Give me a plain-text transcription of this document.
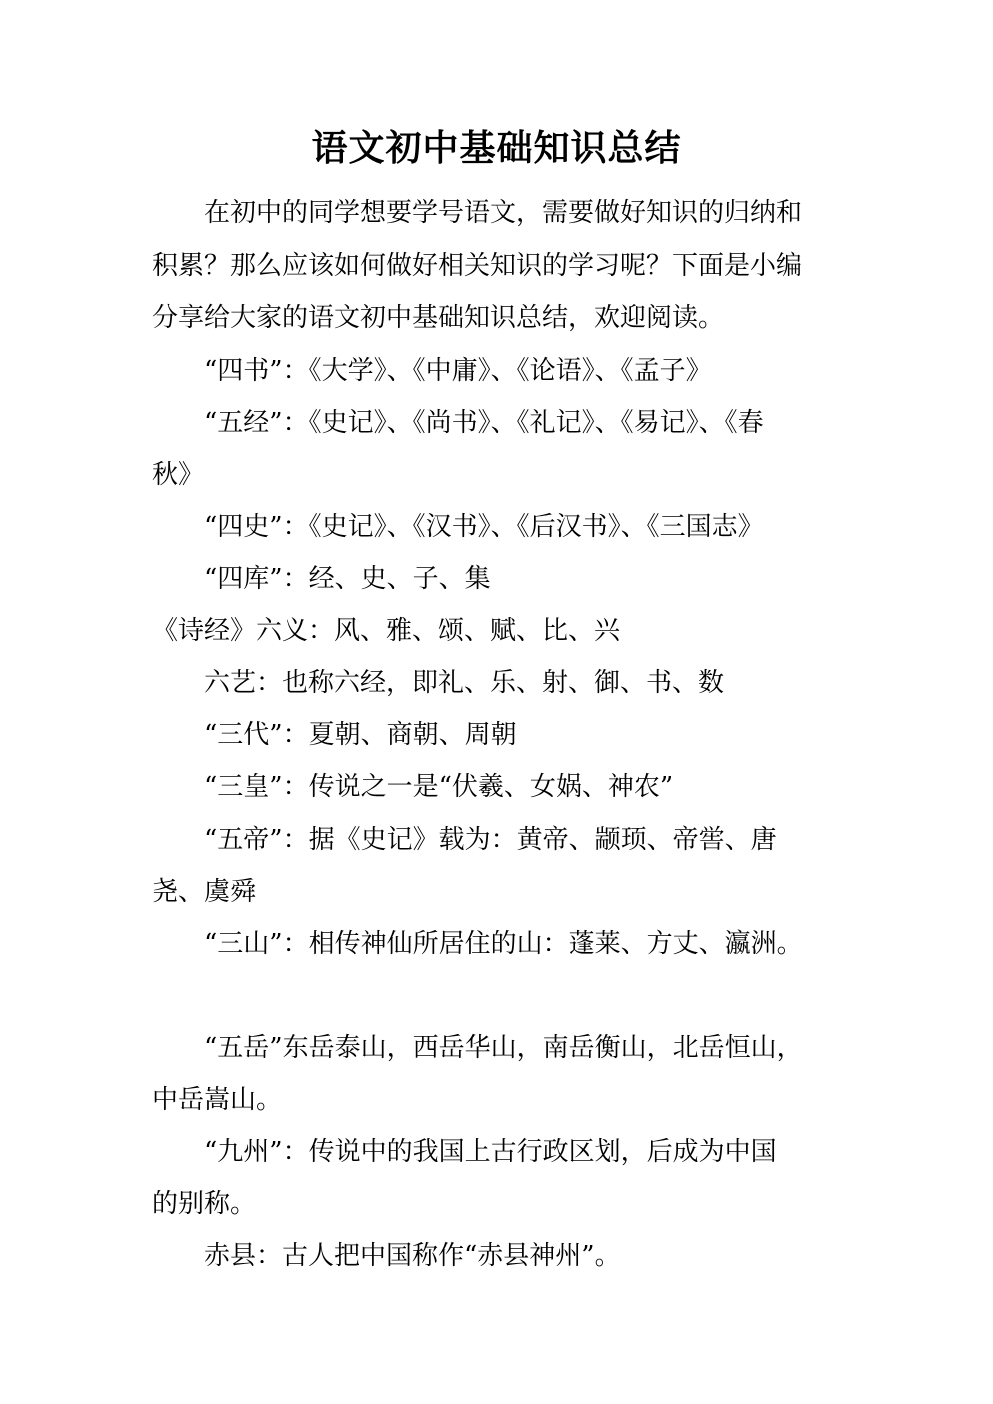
语文初中基础知识总结
在初中的同学想要学号语文，需要做好知识的归纳和
积累？那么应该如何做好相关知识的学习呢？下面是小编
分享给大家的语文初中基础知识总结，欢迎阅读。
“四书”：《大学》、《中庸》、《论语》、《孟子》
“五经”：《史记》、《尚书》、《礼记》、《易记》、《春
秋》
“四史”：《史记》、《汉书》、《后汉书》、《三国志》
“四库”：经、史、子、集
《诗经》六义：风、雅、颂、赋、比、兴
六艺：也称六经，即礼、乐、射、御、书、数
“三代”：夏朝、商朝、周朝
“三皇”：传说之一是“伏羲、女娲、神农”
“五帝”：据《史记》载为：黄帝、颛顼、帝喾、唐
尧、虞舜
“三山”：相传神仙所居住的山：蓬莱、方丈、瀛洲。
“五岳”东岳泰山，西岳华山，南岳衡山，北岳恒山，
中岳嵩山。
“九州”：传说中的我国上古行政区划，后成为中国
的别称。
赤县：古人把中国称作“赤县神州”。
